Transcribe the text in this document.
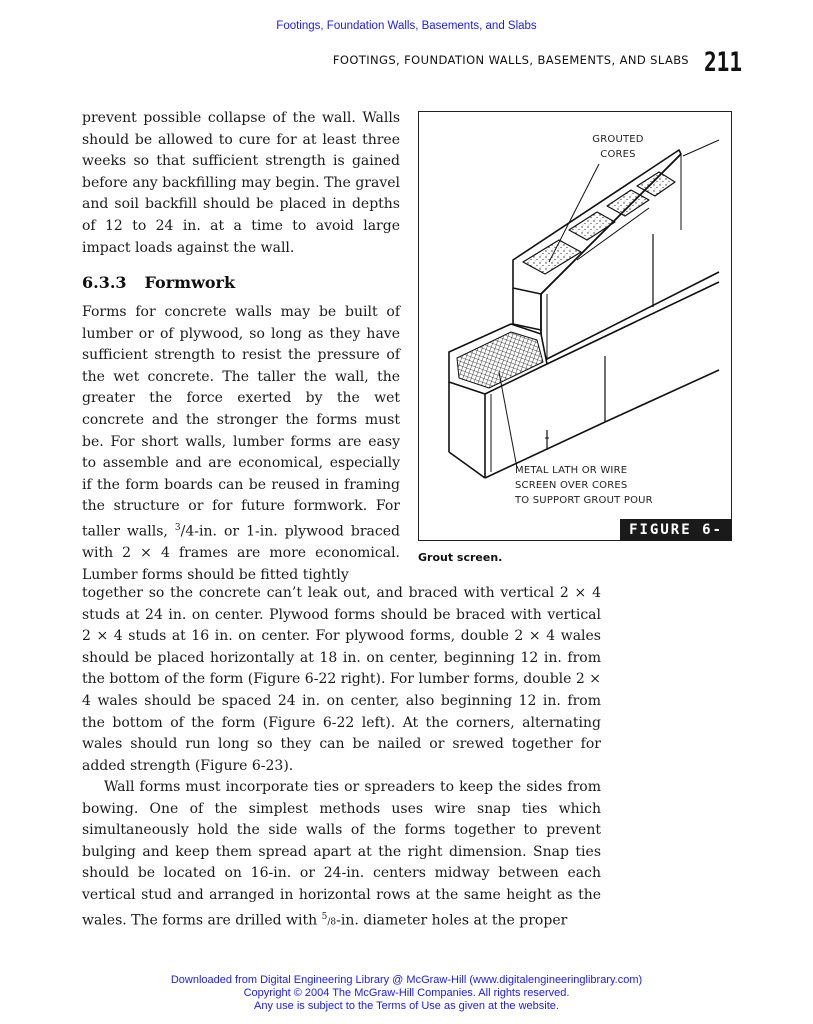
Footings, Foundation Walls, Basements, and Slabs
FOOTINGS, FOUNDATION WALLS, BASEMENTS, AND SLABS 211

prevent possible collapse of the wall. Walls should be allowed to cure for at least three weeks so that sufficient strength is gained before any backfilling may begin. The gravel and soil backfill should be placed in depths of 12 to 24 in. at a time to avoid large impact loads against the wall.

6.3.3 Formwork

Forms for concrete walls may be built of lumber or of plywood, so long as they have sufficient strength to resist the pressure of the wet concrete. The taller the wall, the greater the force exerted by the wet concrete and the stronger the forms must be. For short walls, lumber forms are easy to assemble and are economical, especially if the form boards can be reused in framing the structure or for future formwork. For taller walls, $^3$/4-in. or 1-in. plywood braced with 2 × 4 frames are more economical. Lumber forms should be fitted tightly

together so the concrete can’t leak out, and braced with vertical 2 × 4 studs at 24 in. on center. Plywood forms should be braced with vertical 2 × 4 studs at 16 in. on center. For plywood forms, double 2 × 4 wales should be placed horizontally at 18 in. on center, beginning 12 in. from the bottom of the form (Figure 6-22 right). For lumber forms, double 2 × 4 wales should be spaced 24 in. on center, also beginning 12 in. from the bottom of the form (Figure 6-22 left). At the corners, alternating wales should run long so they can be nailed or srewed together for added strength (Figure 6-23).

Wall forms must incorporate ties or spreaders to keep the sides from bowing. One of the simplest methods uses wire snap ties which simultaneously hold the side walls of the forms together to prevent bulging and keep them spread apart at the right dimension. Snap ties should be located on 16-in. or 24-in. centers midway between each vertical stud and arranged in horizontal rows at the same height as the wales. The forms are drilled with $^5$/8-in. diameter holes at the proper

GROUTED
CORES
METAL LATH OR WIRE
SCREEN OVER CORES
TO SUPPORT GROUT POUR
FIGURE 6-20
Grout screen.
Downloaded from Digital Engineering Library @ McGraw-Hill (www.digitalengineeringlibrary.com)
Copyright © 2004 The McGraw-Hill Companies. All rights reserved.
Any use is subject to the Terms of Use as given at the website.
